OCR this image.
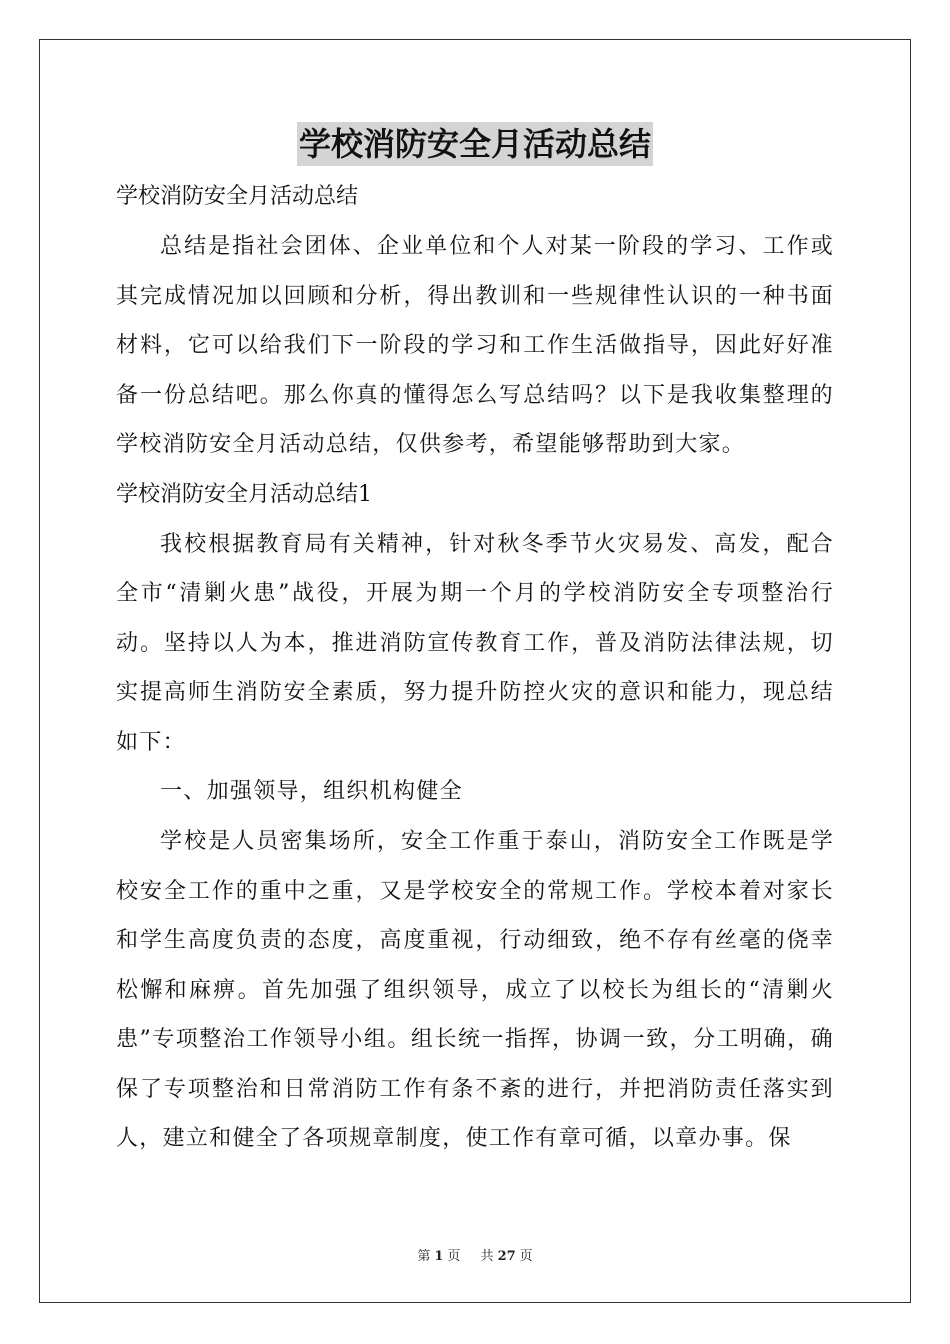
学校消防安全月活动总结

学校消防安全月活动总结

总结是指社会团体、企业单位和个人对某一阶段的学习、工作或其完成情况加以回顾和分析，得出教训和一些规律性认识的一种书面材料，它可以给我们下一阶段的学习和工作生活做指导，因此好好准备一份总结吧。那么你真的懂得怎么写总结吗？以下是我收集整理的学校消防安全月活动总结，仅供参考，希望能够帮助到大家。

学校消防安全月活动总结1

我校根据教育局有关精神，针对秋冬季节火灾易发、高发，配合全市“清剿火患”战役，开展为期一个月的学校消防安全专项整治行动。坚持以人为本，推进消防宣传教育工作，普及消防法律法规，切实提高师生消防安全素质，努力提升防控火灾的意识和能力，现总结如下：

一、加强领导，组织机构健全

学校是人员密集场所，安全工作重于泰山，消防安全工作既是学校安全工作的重中之重，又是学校安全的常规工作。学校本着对家长和学生高度负责的态度，高度重视，行动细致，绝不存有丝毫的侥幸松懈和麻痹。首先加强了组织领导，成立了以校长为组长的“清剿火患”专项整治工作领导小组。组长统一指挥，协调一致，分工明确，确保了专项整治和日常消防工作有条不紊的进行，并把消防责任落实到人，建立和健全了各项规章制度，使工作有章可循，以章办事。保

第 1 页 共 27 页
